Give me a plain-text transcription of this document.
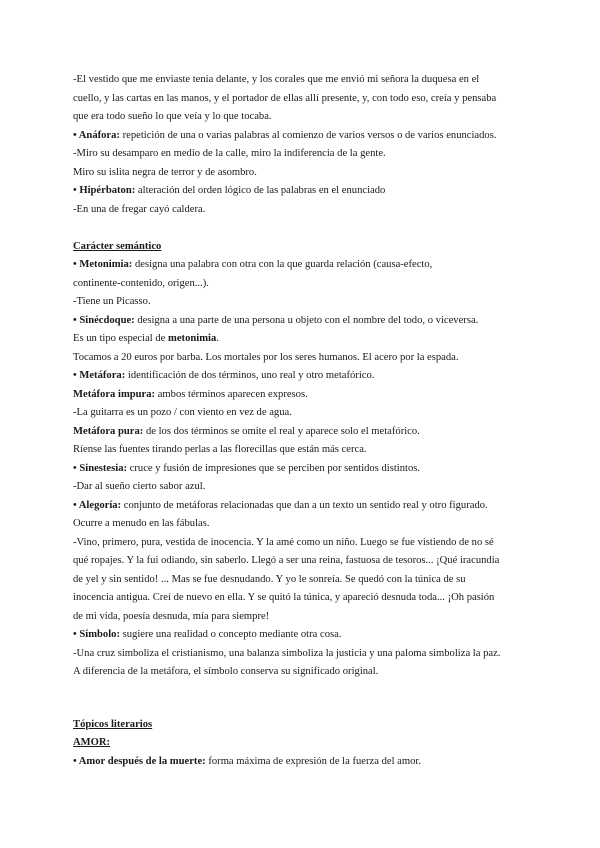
-El vestido que me enviaste tenía delante, y los corales que me envió mi señora la duquesa en el
cuello, y las cartas en las manos, y el portador de ellas allí presente, y, con todo eso, creía y pensaba
que era todo sueño lo que veía y lo que tocaba.
• Anáfora: repetición de una o varias palabras al comienzo de varios versos o de varios enunciados.
-Miro su desamparo en medio de la calle, miro la indiferencia de la gente.
Miro su islita negra de terror y de asombro.
• Hipérbaton: alteración del orden lógico de las palabras en el enunciado
-En una de fregar cayó caldera.
Carácter semántico
• Metonimia: designa una palabra con otra con la que guarda relación (causa-efecto,
continente-contenido, origen...).
-Tiene un Picasso.
• Sinécdoque: designa a una parte de una persona u objeto con el nombre del todo, o viceversa.
Es un tipo especial de metonimia.
Tocamos a 20 euros por barba. Los mortales por los seres humanos. El acero por la espada.
• Metáfora: identificación de dos términos, uno real y otro metafórico.
Metáfora impura: ambos términos aparecen expresos.
-La guitarra es un pozo / con viento en vez de agua.
Metáfora pura: de los dos términos se omite el real y aparece solo el metafórico.
Ríense las fuentes tirando perlas a las florecillas que están más cerca.
• Sinestesia: cruce y fusión de impresiones que se perciben por sentidos distintos.
-Dar al sueño cierto sabor azul.
• Alegoría: conjunto de metáforas relacionadas que dan a un texto un sentido real y otro figurado.
Ocurre a menudo en las fábulas.
-Vino, primero, pura, vestida de inocencia. Y la amé como un niño. Luego se fue vistiendo de no sé
qué ropajes. Y la fui odiando, sin saberlo. Llegó a ser una reina, fastuosa de tesoros... ¡Qué iracundia
de yel y sin sentido! ... Mas se fue desnudando. Y yo le sonreía. Se quedó con la túnica de su
inocencia antigua. Creí de nuevo en ella. Y se quitó la túnica, y apareció desnuda toda... ¡Oh pasión
de mi vida, poesía desnuda, mía para siempre!
• Símbolo: sugiere una realidad o concepto mediante otra cosa.
-Una cruz simboliza el cristianismo, una balanza simboliza la justicia y una paloma simboliza la paz.
A diferencia de la metáfora, el símbolo conserva su significado original.
Tópicos literarios
AMOR:
• Amor después de la muerte: forma máxima de expresión de la fuerza del amor.
